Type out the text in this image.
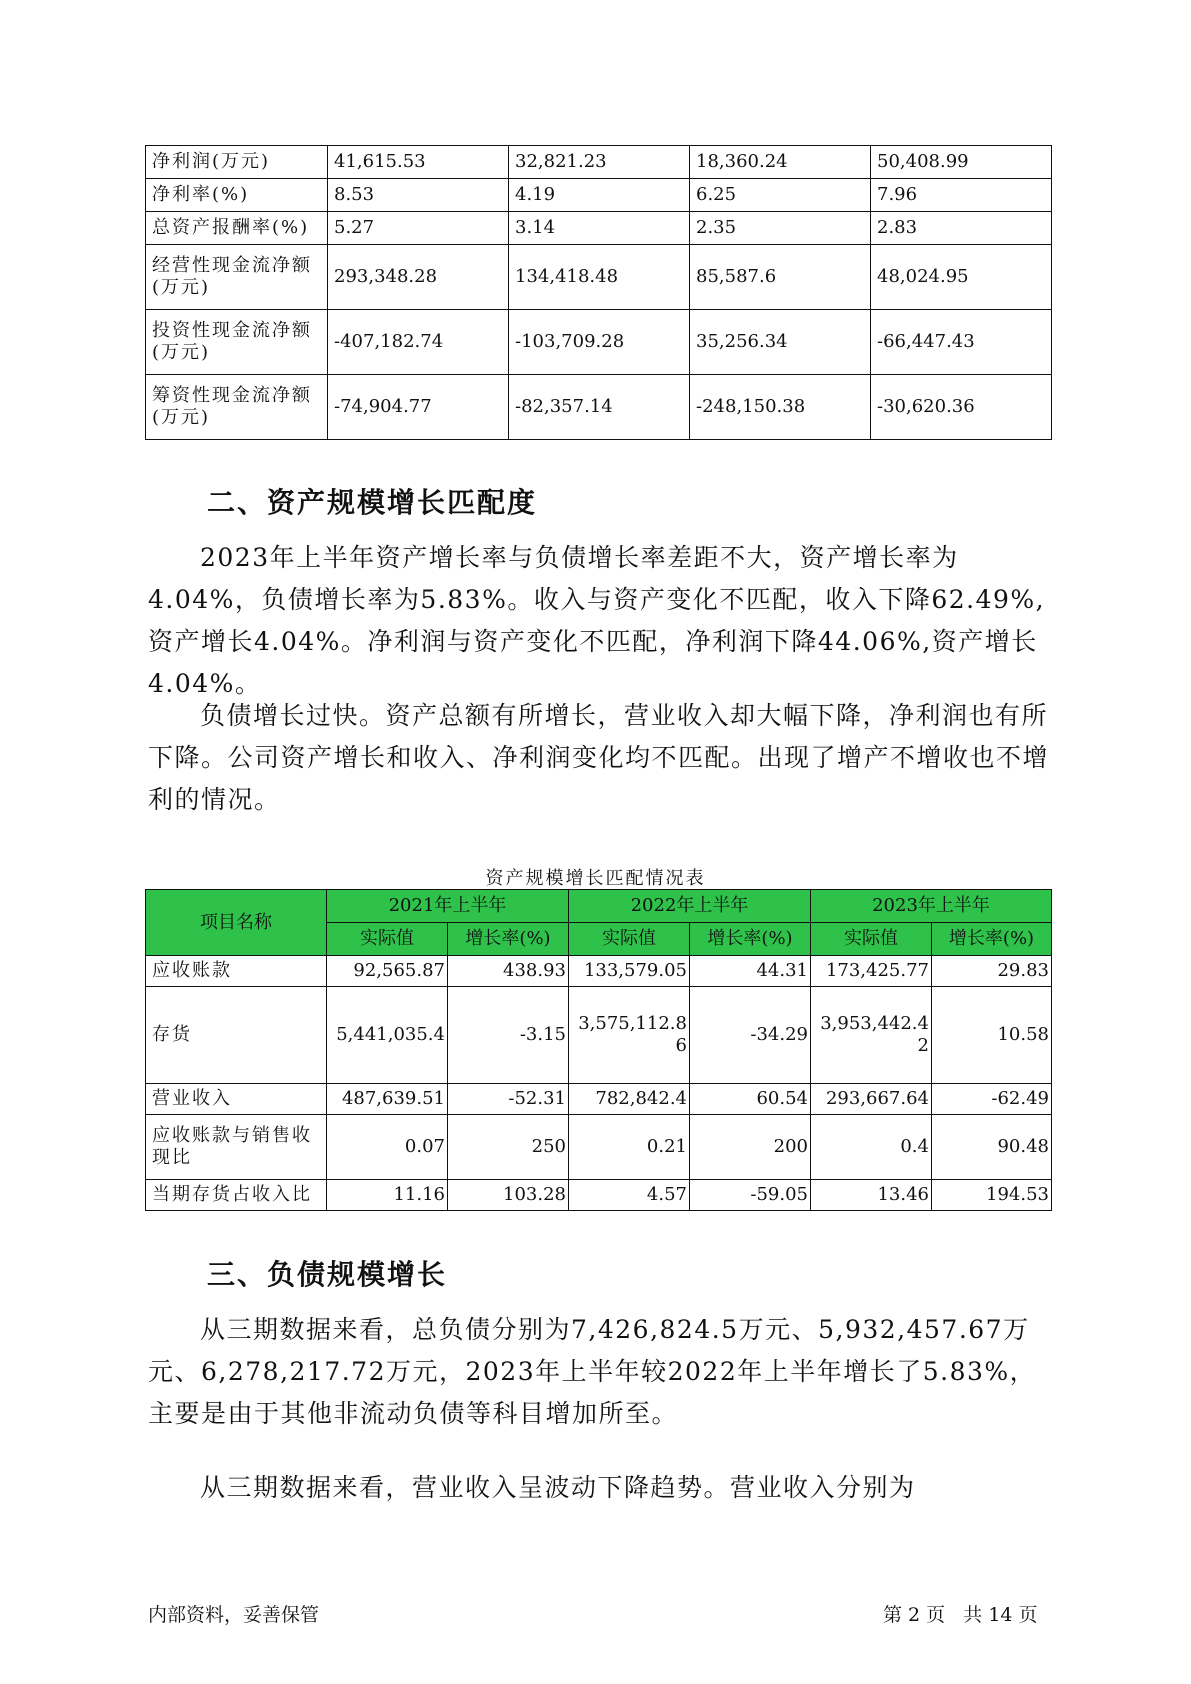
净利润(万元)	41,615.53	32,821.23	18,360.24	50,408.99
净利率(%)	8.53	4.19	6.25	7.96
总资产报酬率(%)	5.27	3.14	2.35	2.83
经营性现金流净额(万元)	293,348.28	134,418.48	85,587.6	48,024.95
投资性现金流净额(万元)	-407,182.74	-103,709.28	35,256.34	-66,447.43
筹资性现金流净额(万元)	-74,904.77	-82,357.14	-248,150.38	-30,620.36
二、资产规模增长匹配度

2023年上半年资产增长率与负债增长率差距不大，资产增长率为4.04%，负债增长率为5.83%。收入与资产变化不匹配，收入下降62.49%,资产增长4.04%。净利润与资产变化不匹配，净利润下降44.06%,资产增长4.04%。

负债增长过快。资产总额有所增长，营业收入却大幅下降，净利润也有所下降。公司资产增长和收入、净利润变化均不匹配。出现了增产不增收也不增利的情况。

资产规模增长匹配情况表
项目名称	2021年上半年		2022年上半年		2023年上半年	
	实际值	增长率(%)	实际值	增长率(%)	实际值	增长率(%)
应收账款	92,565.87	438.93	133,579.05	44.31	173,425.77	29.83
存货	5,441,035.4	-3.15	3,575,112.86	-34.29	3,953,442.42	10.58
营业收入	487,639.51	-52.31	782,842.4	60.54	293,667.64	-62.49
应收账款与销售收现比	0.07	250	0.21	200	0.4	90.48
当期存货占收入比	11.16	103.28	4.57	-59.05	13.46	194.53
三、负债规模增长

从三期数据来看，总负债分别为7,426,824.5万元、5,932,457.67万元、6,278,217.72万元，2023年上半年较2022年上半年增长了5.83%，主要是由于其他非流动负债等科目增加所至。

从三期数据来看，营业收入呈波动下降趋势。营业收入分别为

内部资料，妥善保管	第 2 页   共 14 页
